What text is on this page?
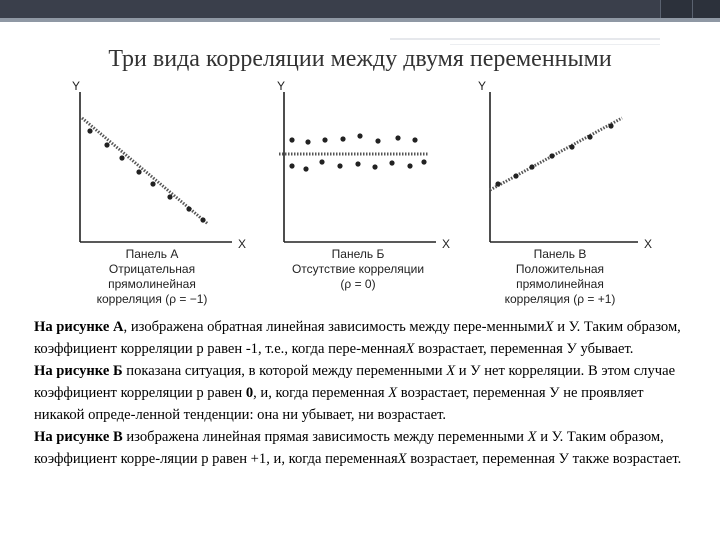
Три вида корреляции между двумя переменными
Y
X
Панель А
Отрицательная
прямолинейная
корреляция (ρ = −1)
Y
X
Панель Б
Отсутствие корреляции
(ρ = 0)
Y
X
Панель В
Положительная
прямолинейная
корреляция (ρ = +1)

На рисунке А, изображена обратная линейная зависимость между пере-меннымиХ и У. Таким образом, коэффициент корреляции р равен -1, т.е., когда пере-меннаяХ возрастает, переменная У убывает.

На рисунке Б показана ситуация, в которой между переменными Х и У нет корреляции. В этом случае коэффициент корреляции р равен 0, и, когда переменная Х возрастает, переменная У не проявляет никакой опреде-ленной тенденции: она ни убывает, ни возрастает.

На рисунке В изображена линейная прямая зависимость между переменными Х и У. Таким образом, коэффициент корре-ляции р равен +1, и, когда переменнаяХ возрастает, переменная У также возрастает.
